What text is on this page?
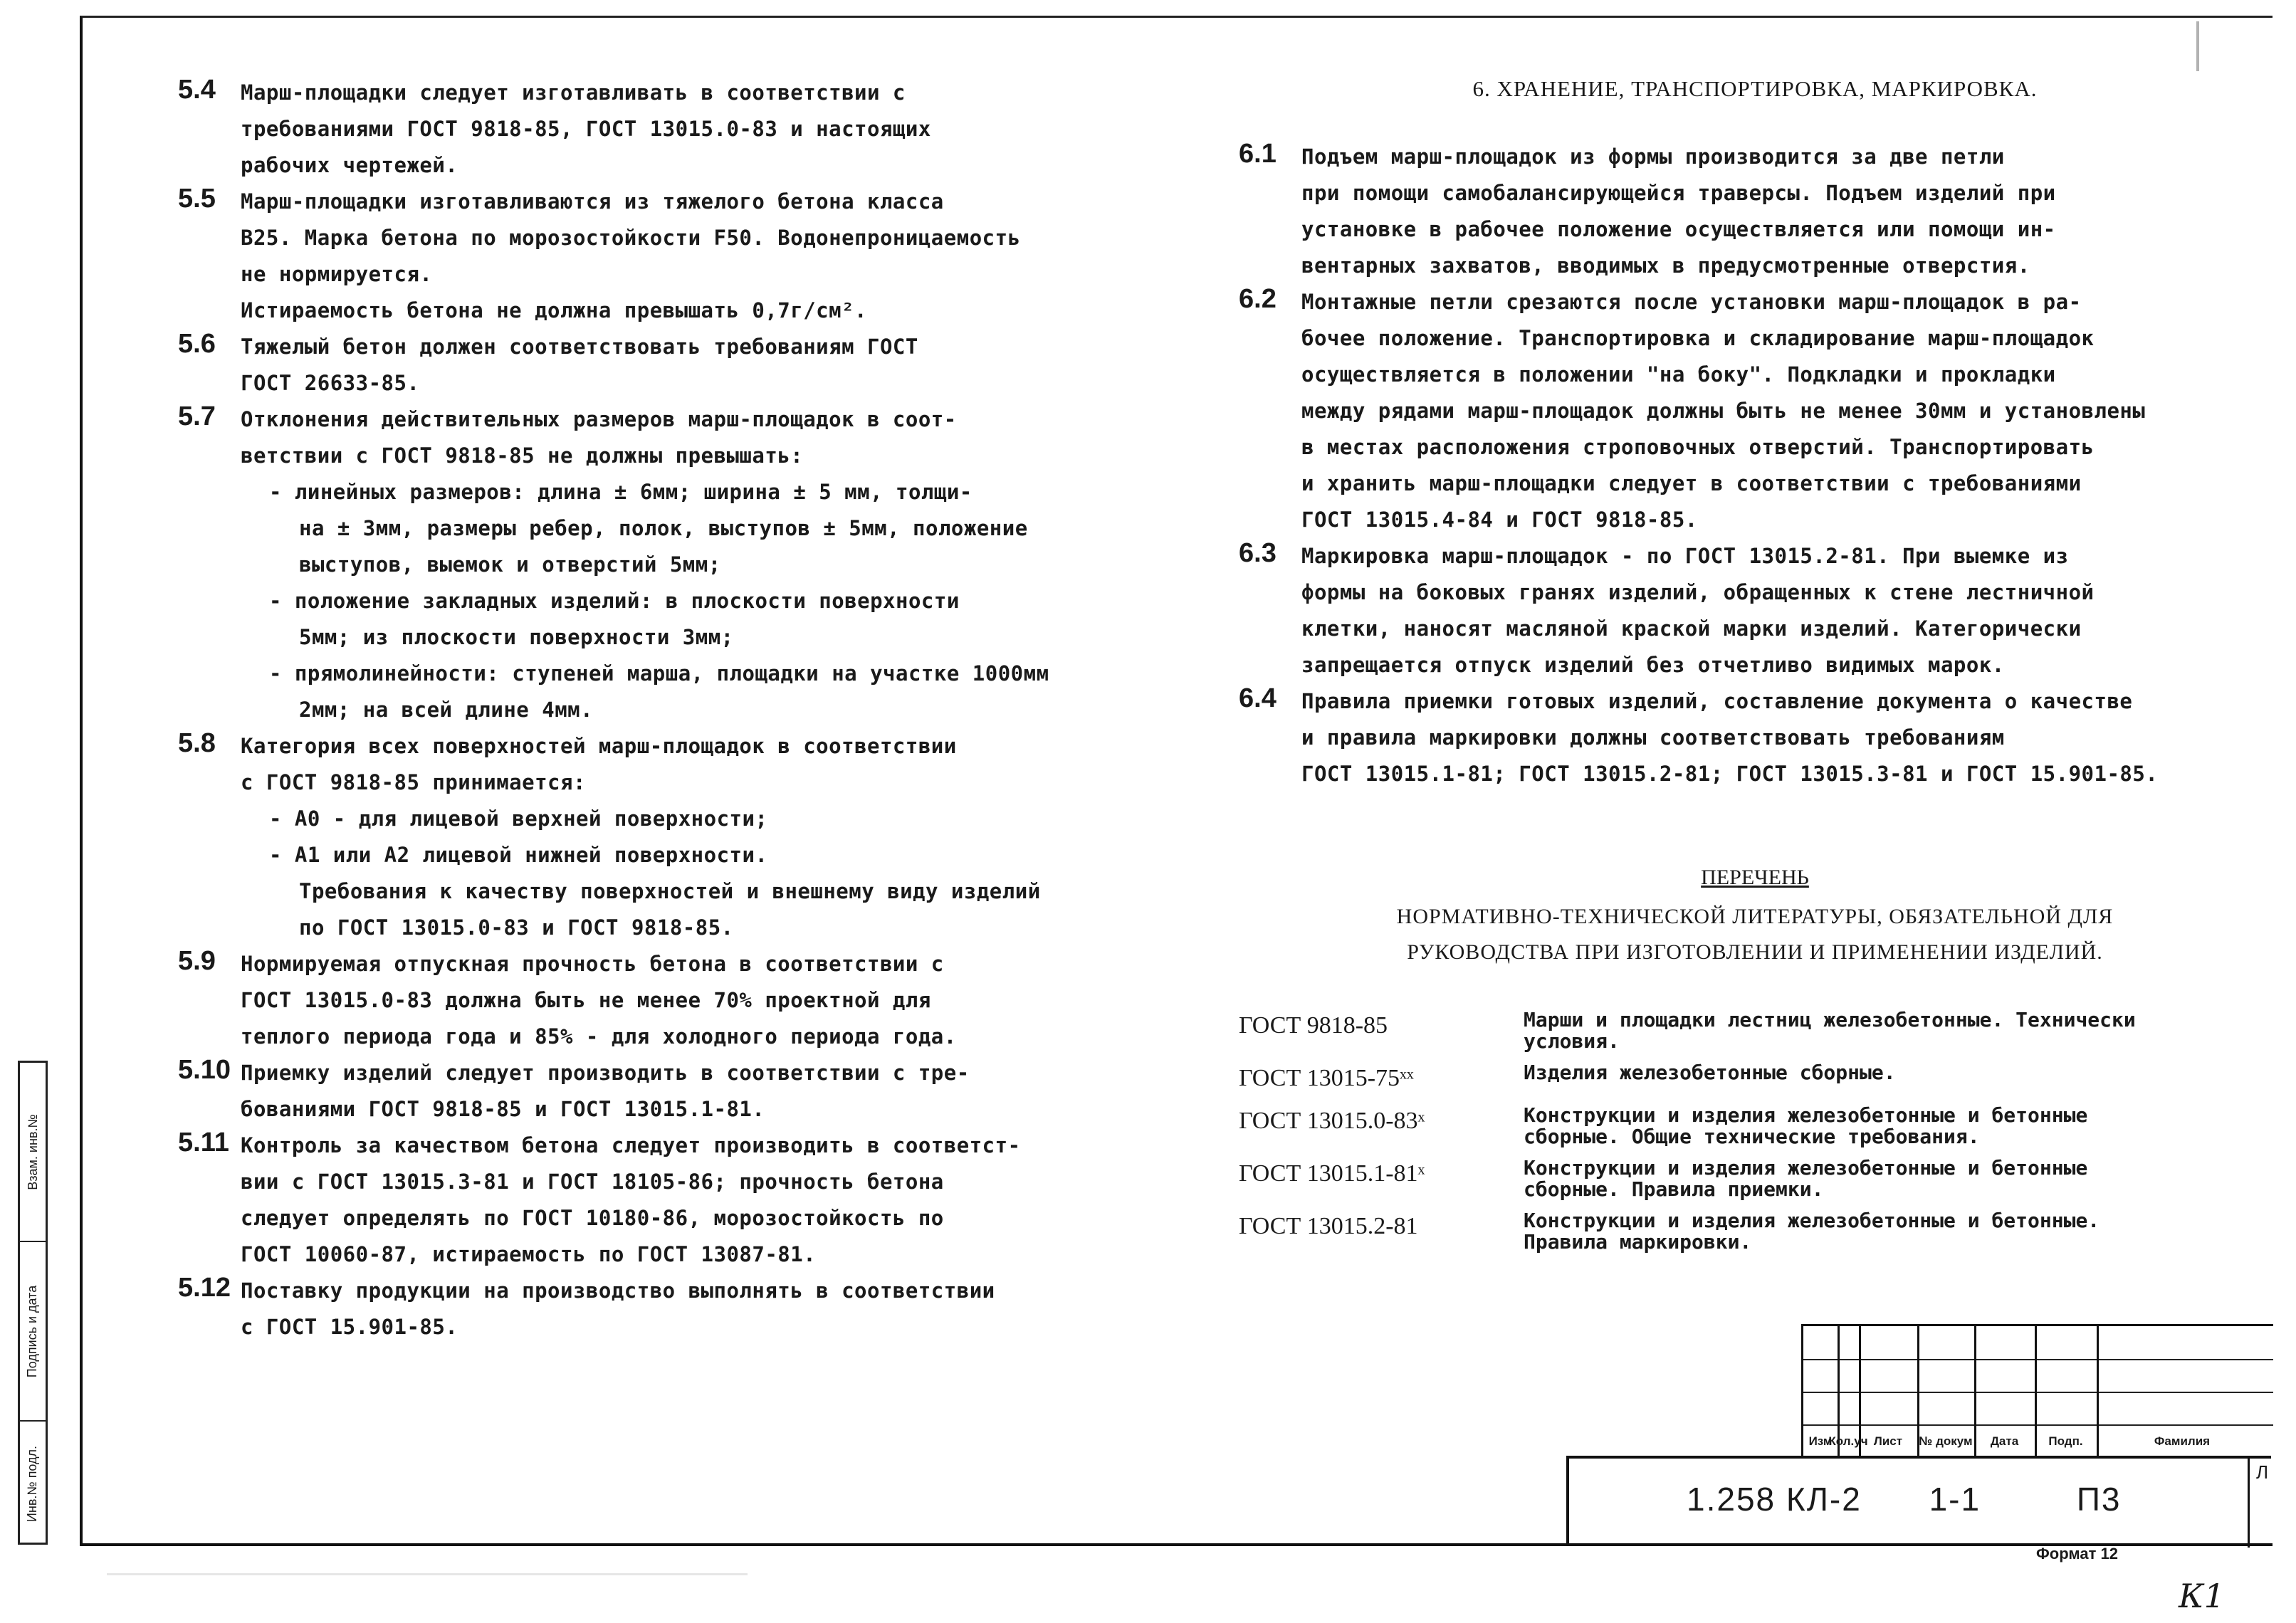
Взам. инв.№
Подпись и дата
Инв.№ подл.
5.4 Марш-площадки следует изготавливать в соответствии с
требованиями ГОСТ 9818-85, ГОСТ 13015.0-83 и настоящих
рабочих чертежей.
5.5 Марш-площадки изготавливаются из тяжелого бетона класса
В25. Марка бетона по морозостойкости F50. Водонепроницаемость
не нормируется.
Истираемость бетона не должна превышать 0,7г/см².
5.6 Тяжелый бетон должен соответствовать требованиям ГОСТ
ГОСТ 26633-85.
5.7 Отклонения действительных размеров марш-площадок в соот-
ветствии с ГОСТ 9818-85 не должны превышать:
- линейных размеров: длина ± 6мм; ширина ± 5 мм, толщи-
на ± 3мм, размеры ребер, полок, выступов ± 5мм, положение
выступов, выемок и отверстий 5мм;
- положение закладных изделий: в плоскости поверхности
5мм; из плоскости поверхности 3мм;
- прямолинейности: ступеней марша, площадки на участке 1000мм
2мм; на всей длине 4мм.
5.8 Категория всех поверхностей марш-площадок в соответствии
с ГОСТ 9818-85 принимается:
- А0 - для лицевой верхней поверхности;
- А1 или А2 лицевой нижней поверхности.
Требования к качеству поверхностей и внешнему виду изделий
по ГОСТ 13015.0-83 и ГОСТ 9818-85.
5.9 Нормируемая отпускная прочность бетона в соответствии с
ГОСТ 13015.0-83 должна быть не менее 70% проектной для
теплого периода года и 85% - для холодного периода года.
5.10 Приемку изделий следует производить в соответствии с тре-
бованиями ГОСТ 9818-85 и ГОСТ 13015.1-81.
5.11 Контроль за качеством бетона следует производить в соответст-
вии с ГОСТ 13015.3-81 и ГОСТ 18105-86; прочность бетона
следует определять по ГОСТ 10180-86, морозостойкость по
ГОСТ 10060-87, истираемость по ГОСТ 13087-81.
5.12 Поставку продукции на производство выполнять в соответствии
с ГОСТ 15.901-85.
6. ХРАНЕНИЕ, ТРАНСПОРТИРОВКА, МАРКИРОВКА.
6.1 Подъем марш-площадок из формы производится за две петли
при помощи самобалансирующейся траверсы. Подъем изделий при
установке в рабочее положение осуществляется или помощи ин-
вентарных захватов, вводимых в предусмотренные отверстия.
6.2 Монтажные петли срезаются после установки марш-площадок в ра-
бочее положение. Транспортировка и складирование марш-площадок
осуществляется в положении "на боку". Подкладки и прокладки
между рядами марш-площадок должны быть не менее 30мм и установлены
в местах расположения строповочных отверстий. Транспортировать
и хранить марш-площадки следует в соответствии с требованиями
ГОСТ 13015.4-84 и ГОСТ 9818-85.
6.3 Маркировка марш-площадок - по ГОСТ 13015.2-81. При выемке из
формы на боковых гранях изделий, обращенных к стене лестничной
клетки, наносят масляной краской марки изделий. Категорически
запрещается отпуск изделий без отчетливо видимых марок.
6.4 Правила приемки готовых изделий, составление документа о качестве
и правила маркировки должны соответствовать требованиям
ГОСТ 13015.1-81; ГОСТ 13015.2-81; ГОСТ 13015.3-81 и ГОСТ 15.901-85.
ПЕРЕЧЕНЬ
НОРМАТИВНО-ТЕХНИЧЕСКОЙ ЛИТЕРАТУРЫ, ОБЯЗАТЕЛЬНОЙ ДЛЯ
РУКОВОДСТВА ПРИ ИЗГОТОВЛЕНИИ И ПРИМЕНЕНИИ ИЗДЕЛИЙ.
ГОСТ 9818-85	Марши и площадки лестниц железобетонные. Технически
условия.
ГОСТ 13015-75ˣˣ	Изделия железобетонные сборные.
ГОСТ 13015.0-83ˣ	Конструкции и изделия железобетонные и бетонные
сборные. Общие технические требования.
ГОСТ 13015.1-81ˣ	Конструкции и изделия железобетонные и бетонные
сборные. Правила приемки.
ГОСТ 13015.2-81	Конструкции и изделия железобетонные и бетонные.
Правила маркировки.
Изм
Кол.уч Лист	№ докум	Дата	Подп.	Фамилия
1.258 КЛ-2 1-1	П3
Л
Формат 12
К1
